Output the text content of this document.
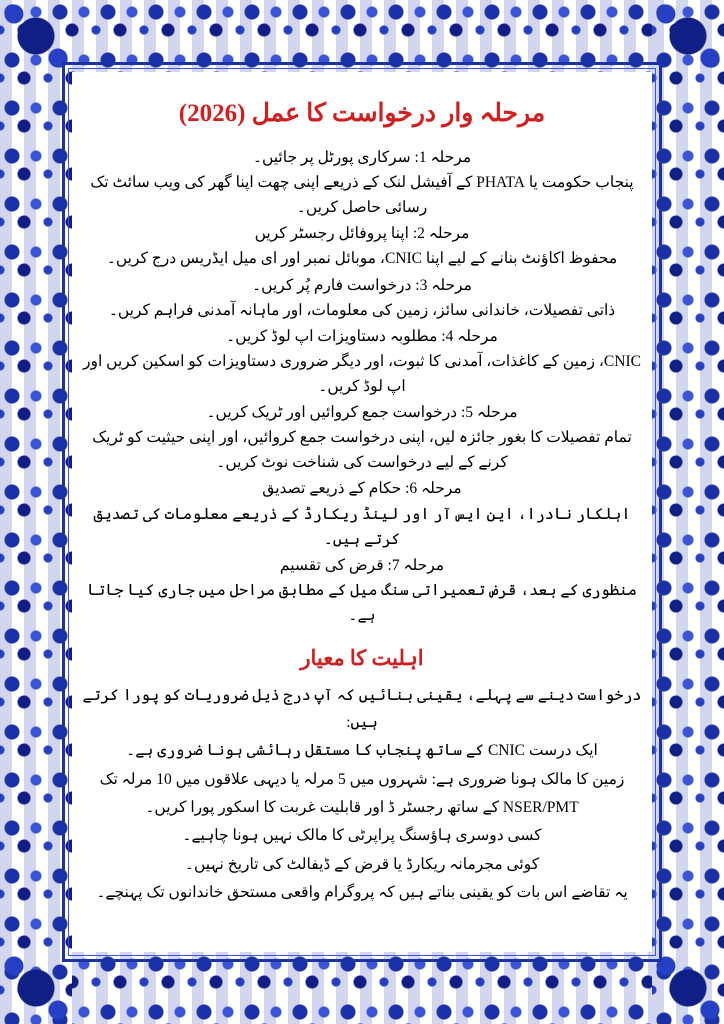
مرحلہ وار درخواست کا عمل (2026)

مرحلہ 1: سرکاری پورٹل پر جائیں۔

پنجاب حکومت یا PHATA کے آفیشل لنک کے ذریعے اپنی چھت اپنا گھر کی ویب سائٹ تک رسائی حاصل کریں۔

مرحلہ 2: اپنا پروفائل رجسٹر کریں

محفوظ اکاؤنٹ بنانے کے لیے اپنا CNIC، موبائل نمبر اور ای میل ایڈریس درج کریں۔

مرحلہ 3: درخواست فارم پُر کریں۔

ذاتی تفصیلات، خاندانی سائز، زمین کی معلومات، اور ماہانہ آمدنی فراہم کریں۔

مرحلہ 4: مطلوبہ دستاویزات اپ لوڈ کریں۔

CNIC، زمین کے کاغذات، آمدنی کا ثبوت، اور دیگر ضروری دستاویزات کو اسکین کریں اور اپ لوڈ کریں۔

مرحلہ 5: درخواست جمع کروائیں اور ٹریک کریں۔

تمام تفصیلات کا بغور جائزہ لیں، اپنی درخواست جمع کروائیں، اور اپنی حیثیت کو ٹریک کرنے کے لیے درخواست کی شناخت نوٹ کریں۔

مرحلہ 6: حکام کے ذریعے تصدیق

اہلکار نادرا، این ایس آر اور لینڈ ریکارڈ کے ذریعے معلومات کی تصدیق کرتے ہیں۔

مرحلہ 7: قرض کی تقسیم

منظوری کے بعد، قرض تعمیراتی سنگ میل کے مطابق مراحل میں جاری کیا جاتا ہے۔

اہلیت کا معیار

درخواست دینے سے پہلے، یقینی بنائیں کہ آپ درج ذیل ضروریات کو پورا کرتے ہیں:

ایک درست CNIC کے ساتھ پنجاب کا مستقل رہائشی ہونا ضروری ہے۔

زمین کا مالک ہونا ضروری ہے: شہروں میں 5 مرلہ یا دیہی علاقوں میں 10 مرلہ تک

NSER/PMT کے ساتھ رجسٹر ڈ اور قابلیت غربت کا اسکور پورا کریں۔

کسی دوسری ہاؤسنگ پراپرٹی کا مالک نہیں ہونا چاہیے۔

کوئی مجرمانہ ریکارڈ یا قرض کے ڈیفالٹ کی تاریخ نہیں۔

یہ تقاضے اس بات کو یقینی بناتے ہیں کہ پروگرام واقعی مستحق خاندانوں تک پہنچے۔
